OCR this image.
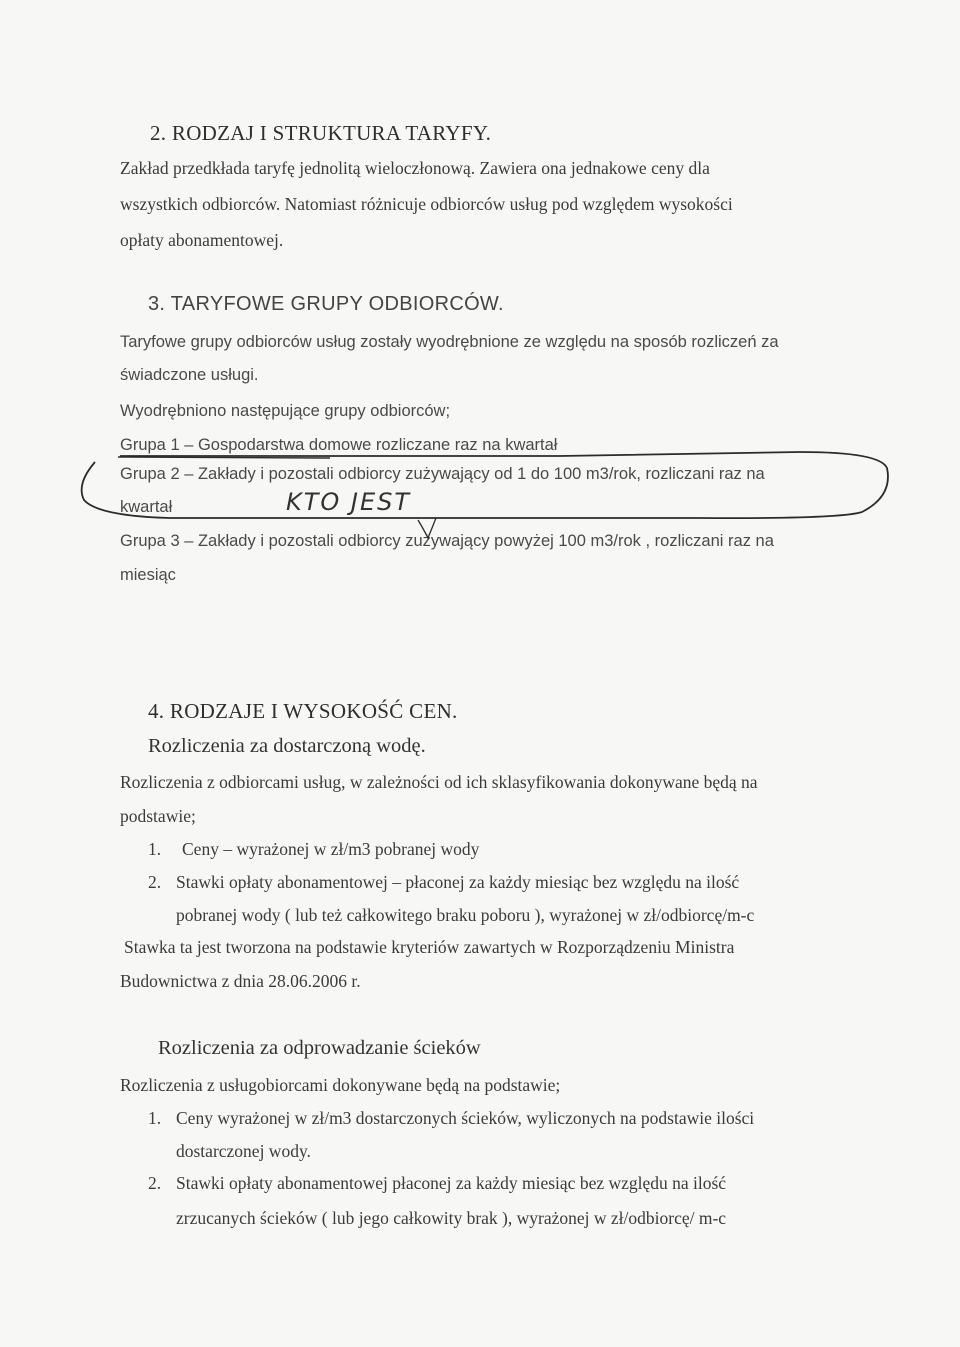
2. RODZAJ I STRUKTURA TARYFY.
Zakład przedkłada taryfę jednolitą wieloczłonową. Zawiera ona jednakowe ceny dla
wszystkich odbiorców. Natomiast różnicuje odbiorców usług pod względem wysokości
opłaty abonamentowej.
3. TARYFOWE GRUPY ODBIORCÓW.
Taryfowe grupy odbiorców usług zostały wyodrębnione ze względu na sposób rozliczeń za
świadczone usługi.
Wyodrębniono następujące grupy odbiorców;
Grupa 1 – Gospodarstwa domowe rozliczane raz na kwartał
Grupa 2 – Zakłady i pozostali odbiorcy zużywający od 1 do 100 m3/rok, rozliczani raz na
kwartał
Grupa 3 – Zakłady i pozostali odbiorcy zużywający powyżej 100 m3/rok , rozliczani raz na
miesiąc
KTO JEST
4. RODZAJE I WYSOKOŚĆ CEN.
Rozliczenia za dostarczoną wodę.
Rozliczenia z odbiorcami usług, w zależności od ich sklasyfikowania dokonywane będą na
podstawie;
1. Ceny – wyrażonej w zł/m3 pobranej wody
2. Stawki opłaty abonamentowej – płaconej za każdy miesiąc bez względu na ilość
pobranej wody ( lub też całkowitego braku poboru ), wyrażonej w zł/odbiorcę/m-c
Stawka ta jest tworzona na podstawie kryteriów zawartych w Rozporządzeniu Ministra
Budownictwa z dnia 28.06.2006 r.
Rozliczenia za odprowadzanie ścieków
Rozliczenia z usługobiorcami dokonywane będą na podstawie;
1. Ceny wyrażonej w zł/m3 dostarczonych ścieków, wyliczonych na podstawie ilości
dostarczonej wody.
2. Stawki opłaty abonamentowej płaconej za każdy miesiąc bez względu na ilość
zrzucanych ścieków ( lub jego całkowity brak ), wyrażonej w zł/odbiorcę/ m-c
